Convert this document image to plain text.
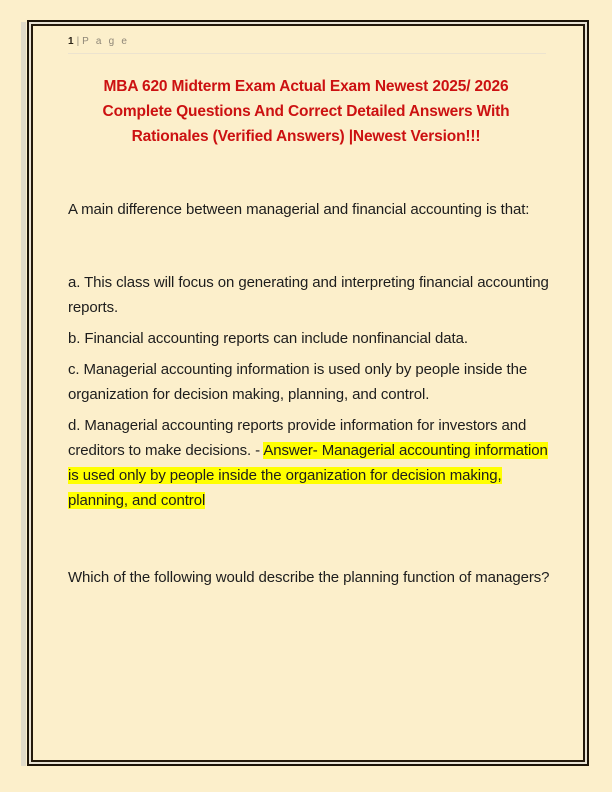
1 | P a g e
MBA 620 Midterm Exam Actual Exam Newest 2025/ 2026 Complete Questions And Correct Detailed Answers With Rationales (Verified Answers) |Newest Version!!!

A main difference between managerial and financial accounting is that:

a. This class will focus on generating and interpreting financial accounting reports.

b. Financial accounting reports can include nonfinancial data.

c. Managerial accounting information is used only by people inside the organization for decision making, planning, and control.

d. Managerial accounting reports provide information for investors and creditors to make decisions. - Answer- Managerial accounting information is used only by people inside the organization for decision making, planning, and control

Which of the following would describe the planning function of managers?
